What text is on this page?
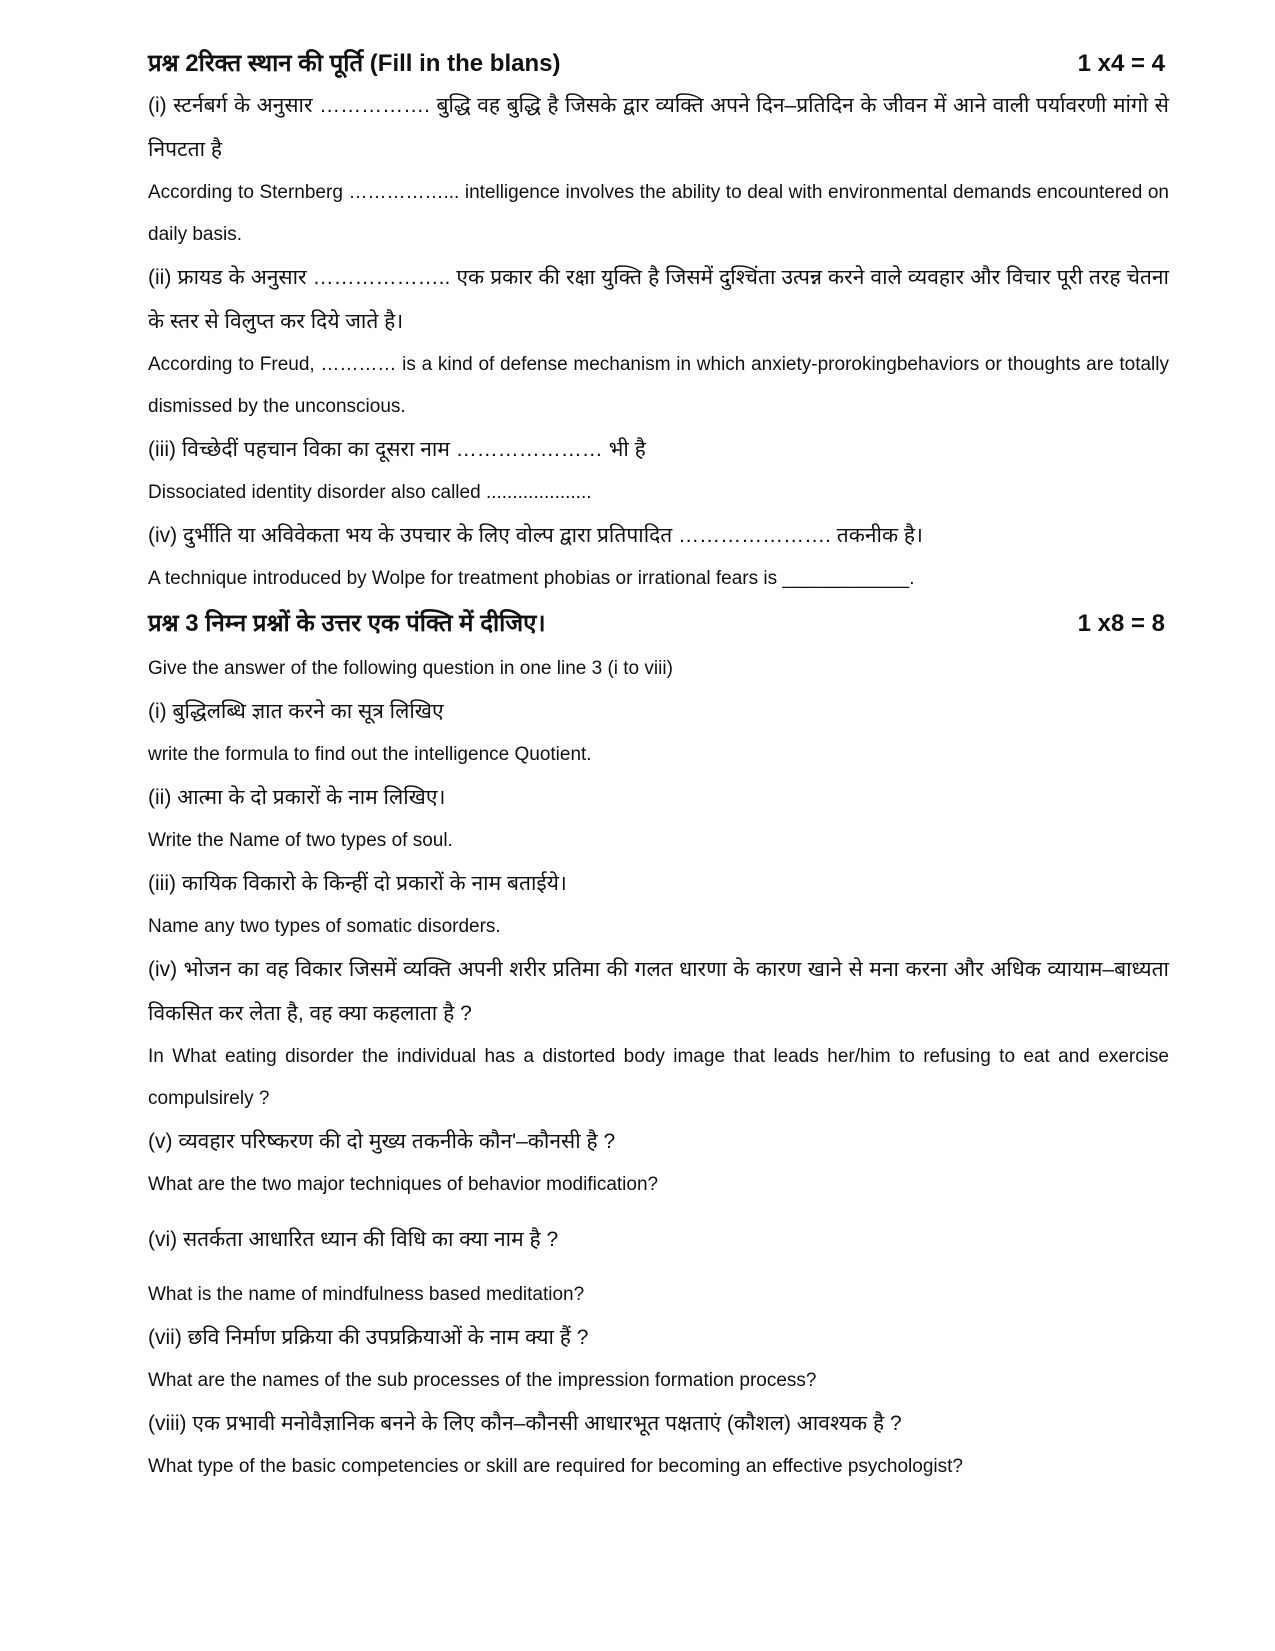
प्रश्न 2रिक्त स्थान की पूर्ति (Fill in the blans)	1 x4 = 4

(i) स्टर्नबर्ग के अनुसार ……………. बुद्धि वह बुद्धि है जिसके द्वार व्यक्ति अपने दिन–प्रतिदिन के जीवन में आने वाली पर्यावरणी मांगो से निपटता है

According to Sternberg ……………... intelligence involves the ability to deal with environmental demands encountered on daily basis.

(ii) फ्रायड के अनुसार ……………….. एक प्रकार की रक्षा युक्ति है जिसमें दुश्चिंता उत्पन्न करने वाले व्यवहार और विचार पूरी तरह चेतना के स्तर से विलुप्त कर दिये जाते है।

According to Freud, ………… is a kind of defense mechanism in which anxiety-prorokingbehaviors or thoughts are totally dismissed by the unconscious.

(iii) विच्छेदीं पहचान विका का दूसरा नाम ………………… भी है

Dissociated identity disorder also called ....................

(iv) दुर्भीति या अविवेकता भय के उपचार के लिए वोल्प द्वारा प्रतिपादित …………………. तकनीक है।

A technique introduced by Wolpe for treatment phobias or irrational fears is ____________.

प्रश्न 3 निम्न प्रश्नों के उत्तर एक पंक्ति में दीजिए।	1 x8 = 8

Give the answer of the following question in one line 3 (i to viii)

(i) बुद्धिलब्धि ज्ञात करने का सूत्र लिखिए

write the formula to find out the intelligence Quotient.

(ii) आत्मा के दो प्रकारों के नाम लिखिए।

Write the Name of two types of soul.

(iii) कायिक विकारो के किन्हीं दो प्रकारों के नाम बताईये।

Name any two types of somatic disorders.

(iv) भोजन का वह विकार जिसमें व्यक्ति अपनी शरीर प्रतिमा की गलत धारणा के कारण खाने से मना करना और अधिक व्यायाम–बाध्यता विकसित कर लेता है, वह क्या कहलाता है ?

In What eating disorder the individual has a distorted body image that leads her/him to refusing to eat and exercise compulsirely ?

(v) व्यवहार परिष्करण की दो मुख्य तकनीके कौन'–कौनसी है ?

What are the two major techniques of behavior modification?

(vi) सतर्कता आधारित ध्यान की विधि का क्या नाम है ?

What is the name of mindfulness based meditation?

(vii) छवि निर्माण प्रक्रिया की उपप्रक्रियाओं के नाम क्या हैं ?

What are the names of the sub processes of the impression formation process?

(viii) एक प्रभावी मनोवैज्ञानिक बनने के लिए कौन–कौनसी आधारभूत पक्षताएं (कौशल) आवश्यक है ?

What type of the basic competencies or skill are required for becoming an effective psychologist?
